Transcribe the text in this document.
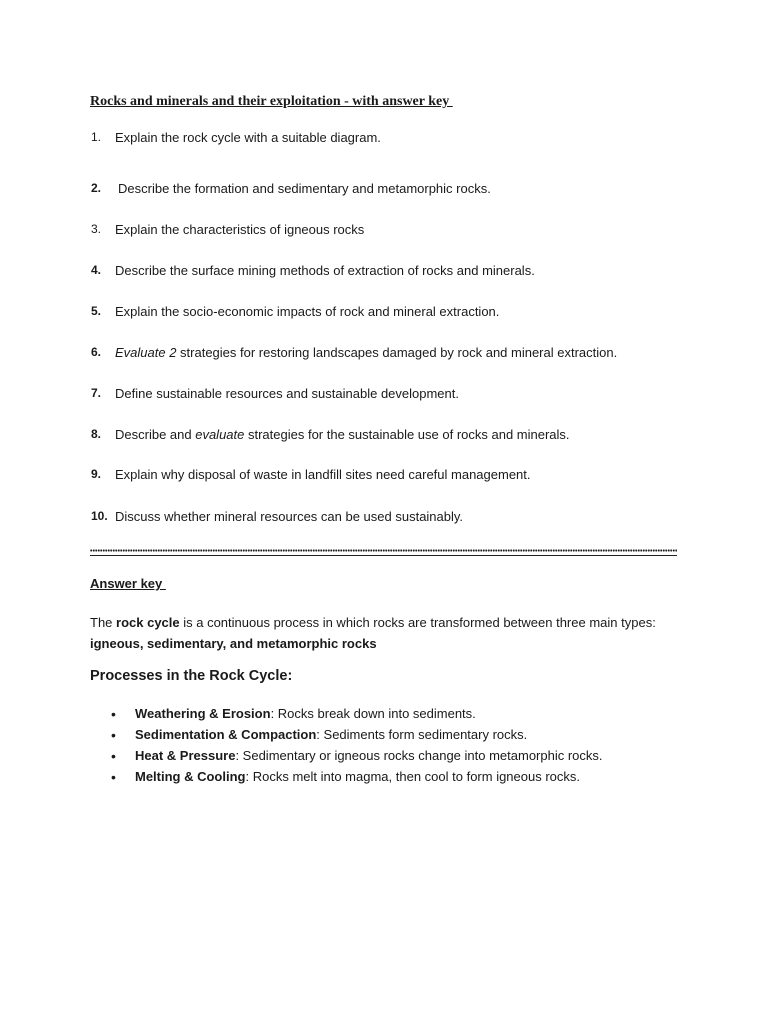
Rocks and minerals and their exploitation - with answer key
1.	Explain the rock cycle with a suitable diagram.
2.	Describe the formation and sedimentary and metamorphic rocks.
3.	Explain the characteristics of igneous rocks
4.	Describe the surface mining methods of extraction of rocks and minerals.
5.	Explain the socio-economic impacts of rock and mineral extraction.
6.	Evaluate 2 strategies for restoring landscapes damaged by rock and mineral extraction.
7.	Define sustainable resources and sustainable development.
8.	Describe and evaluate strategies for the sustainable use of rocks and minerals.
9.	Explain why disposal of waste in landfill sites need careful management.
10. Discuss whether mineral resources can be used sustainably.
Answer key
The rock cycle is a continuous process in which rocks are transformed between three main types: igneous, sedimentary, and metamorphic rocks
Processes in the Rock Cycle:
• Weathering & Erosion: Rocks break down into sediments.
• Sedimentation & Compaction: Sediments form sedimentary rocks.
• Heat & Pressure: Sedimentary or igneous rocks change into metamorphic rocks.
• Melting & Cooling: Rocks melt into magma, then cool to form igneous rocks.
